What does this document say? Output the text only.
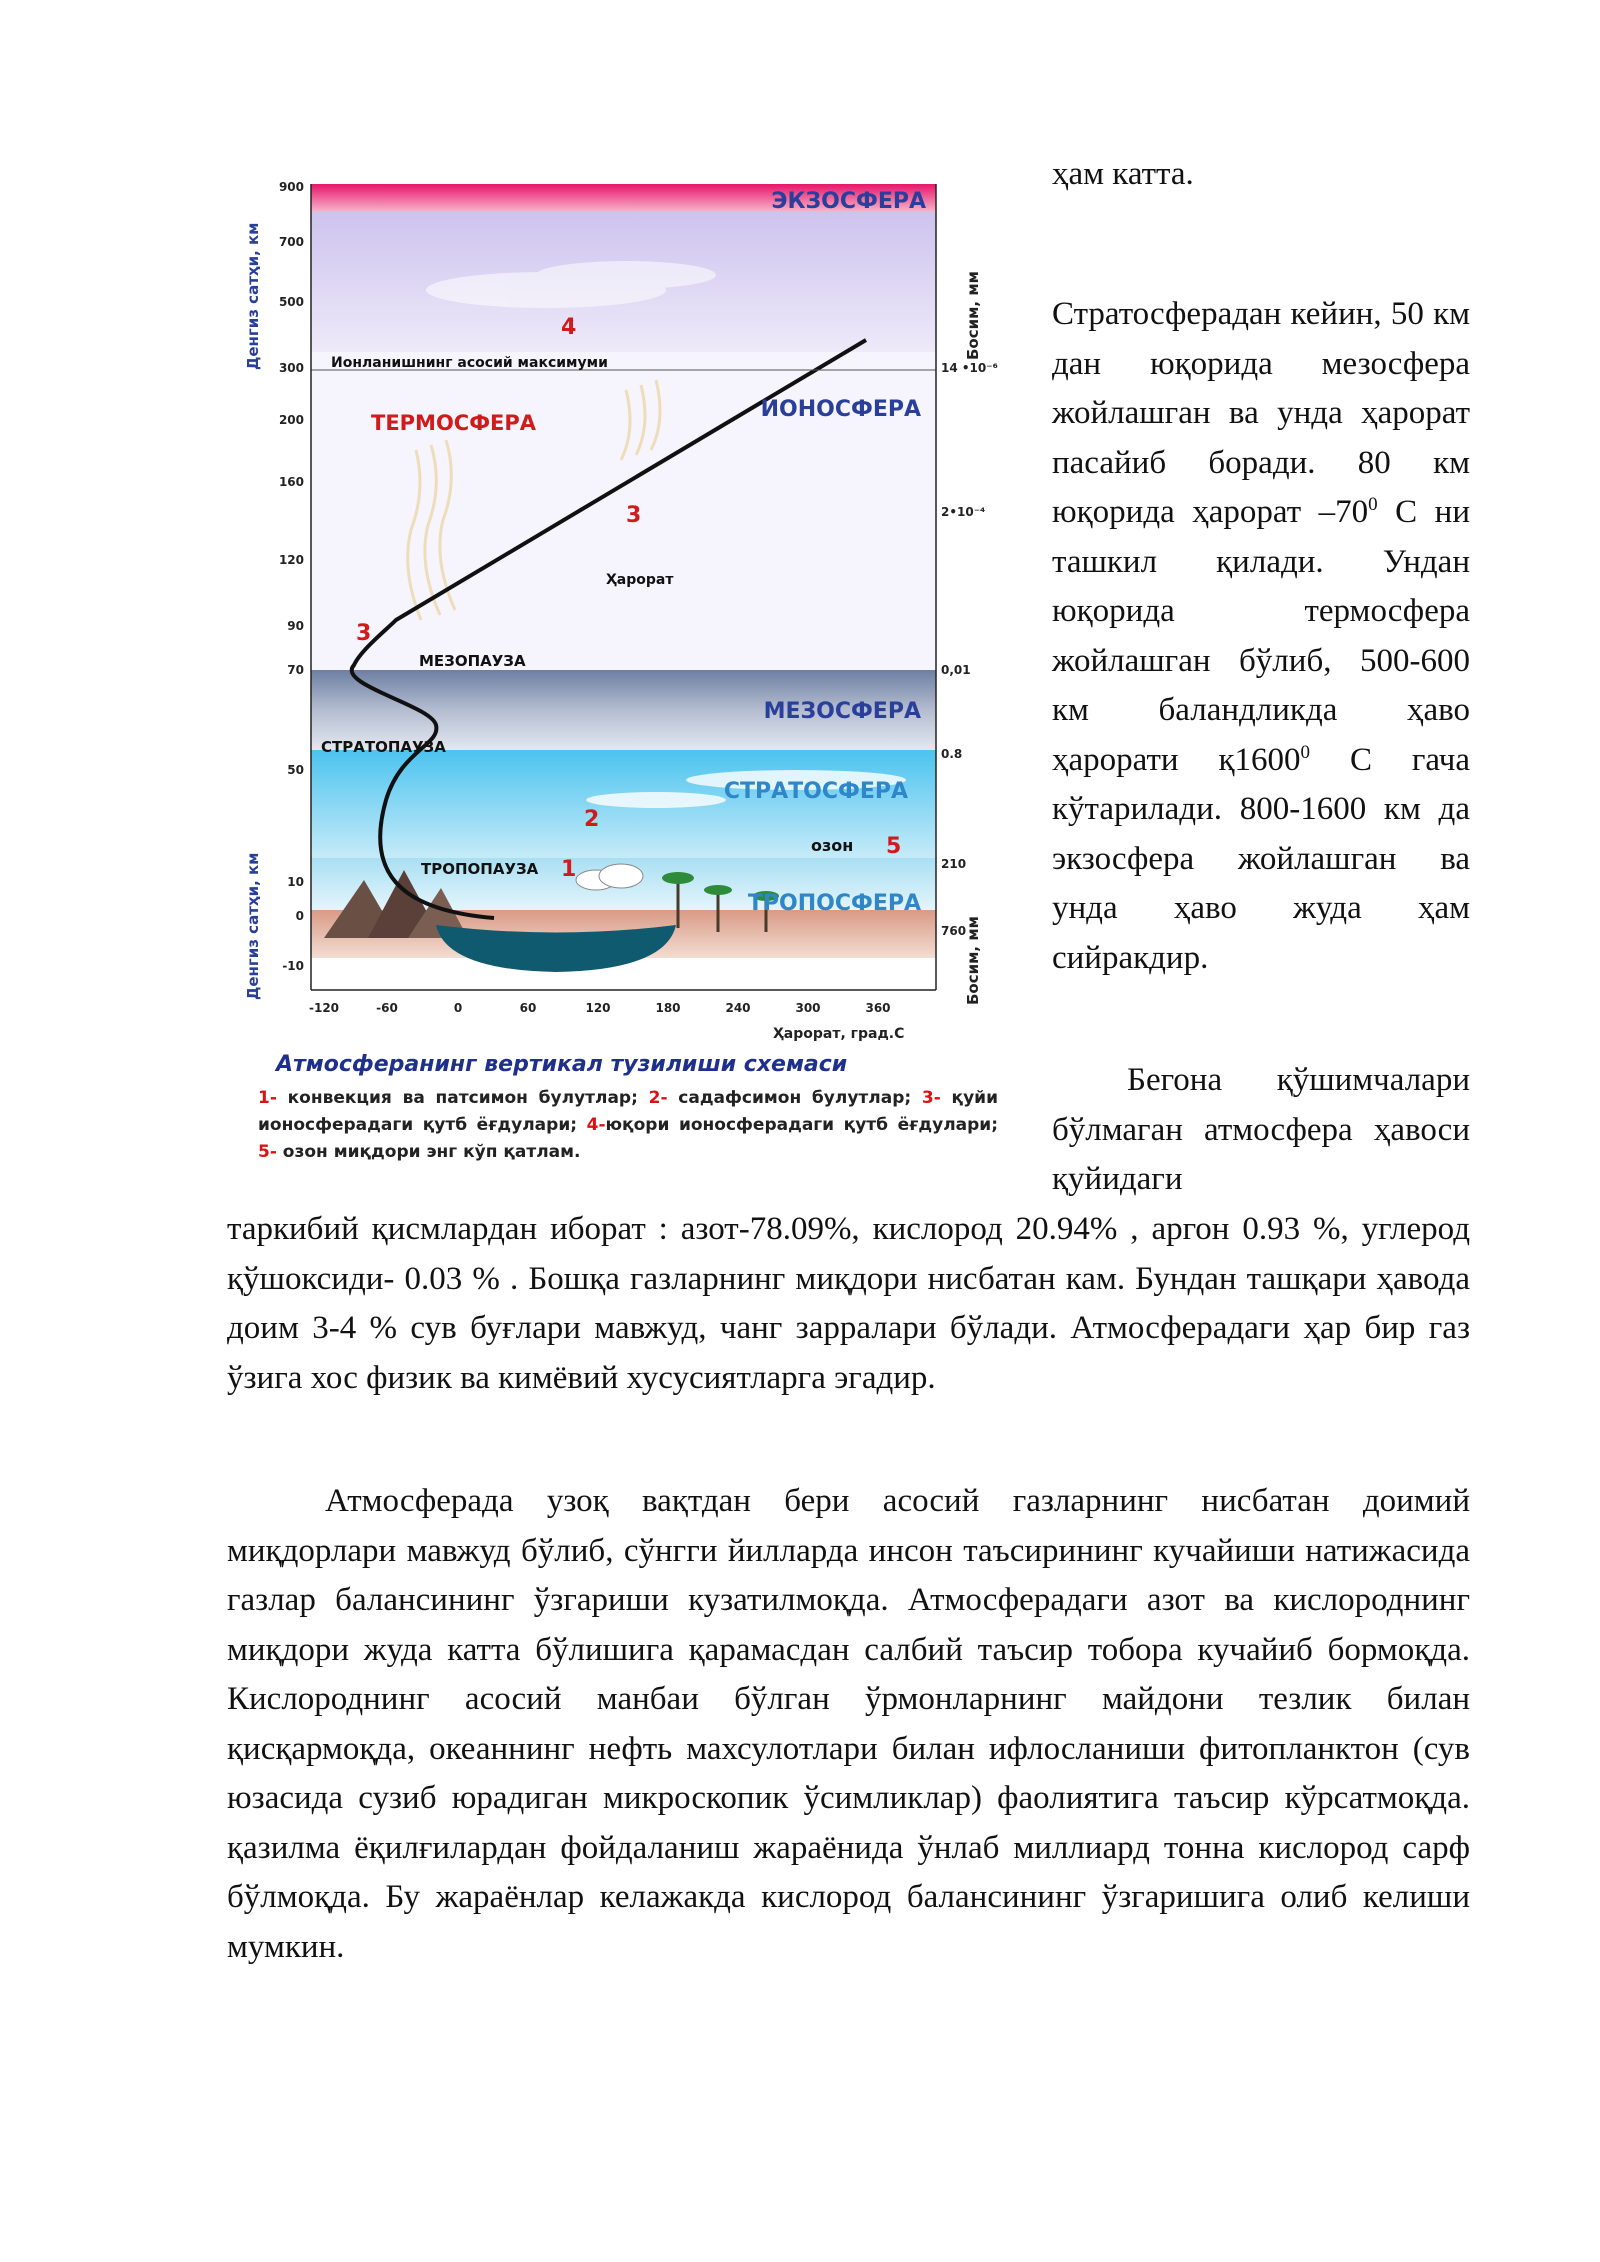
ҳам катта.

Стратосферадан кейин, 50 км дан юқорида мезосфера жойлашган ва унда ҳарорат пасайиб боради. 80 км юқорида ҳарорат $-70^0$ С ни ташкил қилади. Ундан юқорида термосфера жойлашган бўлиб, 500-600 км баландликда ҳаво ҳарорати қ1600$^0$ С гача кўтарилади. 800-1600 км да экзосфера жойлашган ва унда ҳаво жуда ҳам сийракдир.

Бегона қўшимчалари бўлмаган атмосфера ҳавоси қуйидаги

таркибий қисмлардан иборат : азот-78.09%, кислород 20.94% , аргон 0.93 %, углерод қўшоксиди- 0.03 % . Бошқа газларнинг миқдори нисбатан кам. Бундан ташқари ҳавода доим 3-4 % сув буғлари мавжуд, чанг зарралари бўлади. Атмосферадаги ҳар бир газ ўзига хос физик ва кимёвий хусусиятларга эгадир.

Атмосферада узоқ вақтдан бери асосий газларнинг нисбатан доимий миқдорлари мавжуд бўлиб, сўнгги йилларда инсон таъсирининг кучайиши натижасида газлар балансининг ўзгариши кузатилмоқда. Атмосферадаги азот ва кислороднинг миқдори жуда катта бўлишига қарамасдан салбий таъсир тобора кучайиб бормоқда. Кислороднинг асосий манбаи бўлган ўрмонларнинг майдони тезлик билан қисқармоқда, океаннинг нефть махсулотлари билан ифлосланиши фитопланктон (сув юзасида сузиб юрадиган микроскопик ўсимликлар) фаолиятига таъсир кўрсатмоқда. қазилма ёқилғилардан фойдаланиш жараёнида ўнлаб миллиард тонна кислород сарф бўлмоқда. Бу жараёнлар келажакда кислород балансининг ўзгаришига олиб келиши мумкин.

ЭКЗОСФЕРА
ИОНОСФЕРА
ТЕРМОСФЕРА
МЕЗОСФЕРА
СТРАТОСФЕРА
ТРОПОСФЕРА
Ионланишнинг асосий максимуми
МЕЗОПАУЗА
СТРАТОПАУЗА
ТРОПОПАУЗА
Ҳарорат
озон
1
2
3
3
4
5
900
700
500
300
200
160
120
90
70
50
10
0
-10
14 •10⁻⁶
2•10⁻⁴
0,01
0.8
210
760
-120	-60	0	60	120	180	240	300	360
Ҳарорат, град.С
Денгиз сатҳи, км
Денгиз сатҳи, км
Босим, мм
Босим, мм
Атмосферанинг вертикал тузилиши схемаси
1- конвекция ва патсимон булутлар; 2- садафсимон булутлар; 3- қуйи ионосферадаги қутб ёғдулари; 4-юқори ионосферадаги қутб ёғдулари; 5- озон миқдори энг кўп қатлам.
